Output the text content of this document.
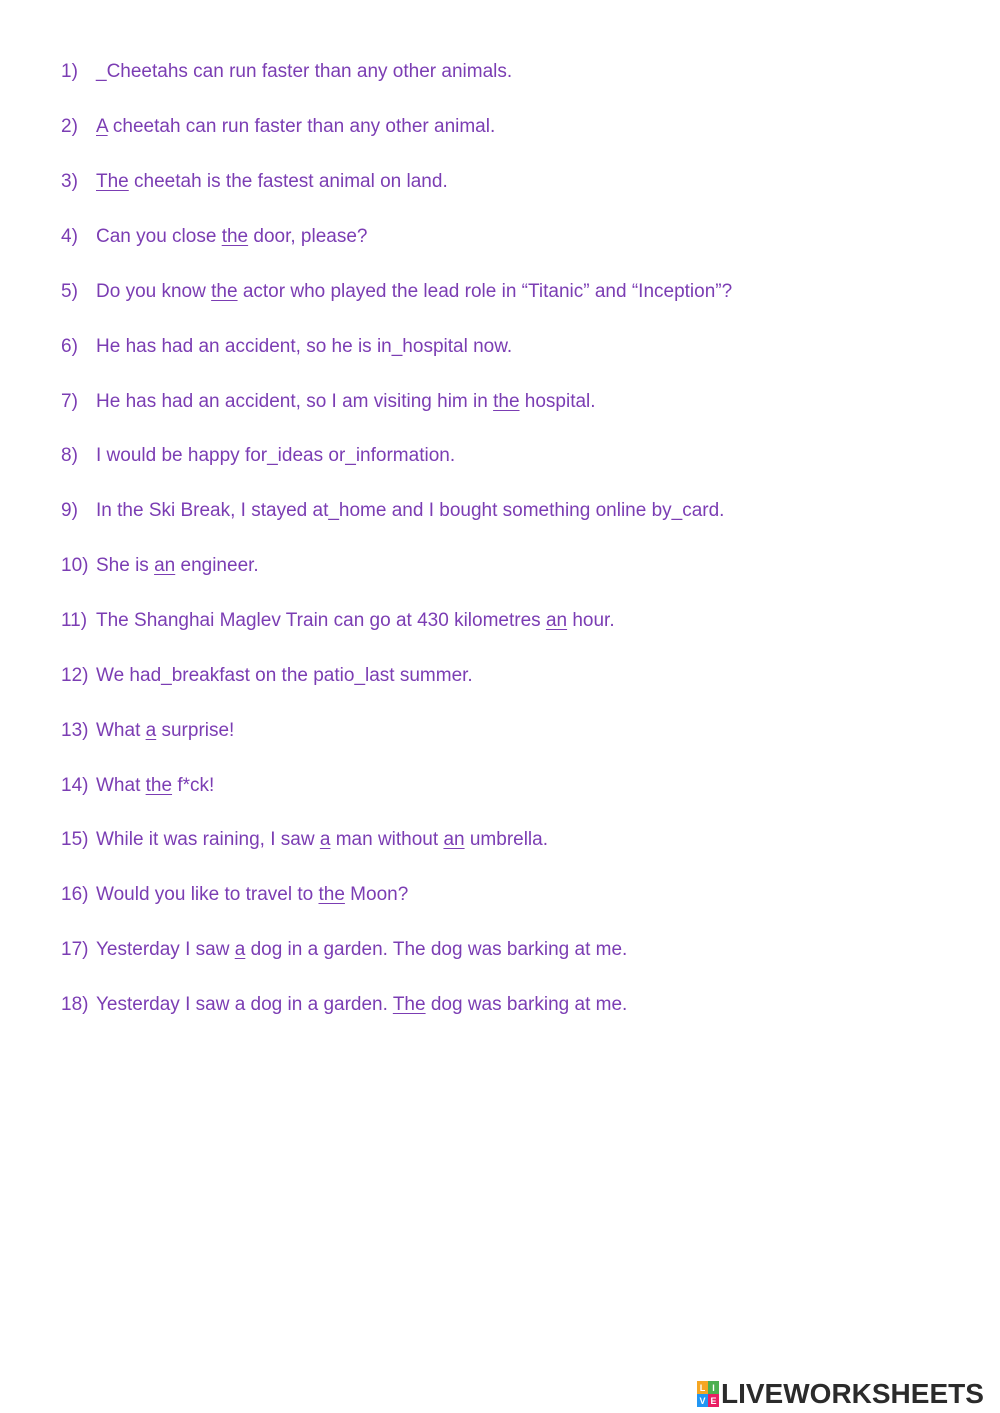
1) _Cheetahs can run faster than any other animals.
2) A cheetah can run faster than any other animal.
3) The cheetah is the fastest animal on land.
4) Can you close the door, please?
5) Do you know the actor who played the lead role in “Titanic” and “Inception”?
6) He has had an accident, so he is in_hospital now.
7) He has had an accident, so I am visiting him in the hospital.
8) I would be happy for_ideas or_information.
9) In the Ski Break, I stayed at_home and I bought something online by_card.
10) She is an engineer.
11) The Shanghai Maglev Train can go at 430 kilometres an hour.
12) We had_breakfast on the patio_last summer.
13) What a surprise!
14) What the f*ck!
15) While it was raining, I saw a man without an umbrella.
16) Would you like to travel to the Moon?
17) Yesterday I saw a dog in a garden. The dog was barking at me.
18) Yesterday I saw a dog in a garden. The dog was barking at me.
L I
V E LIVEWORKSHEETS
